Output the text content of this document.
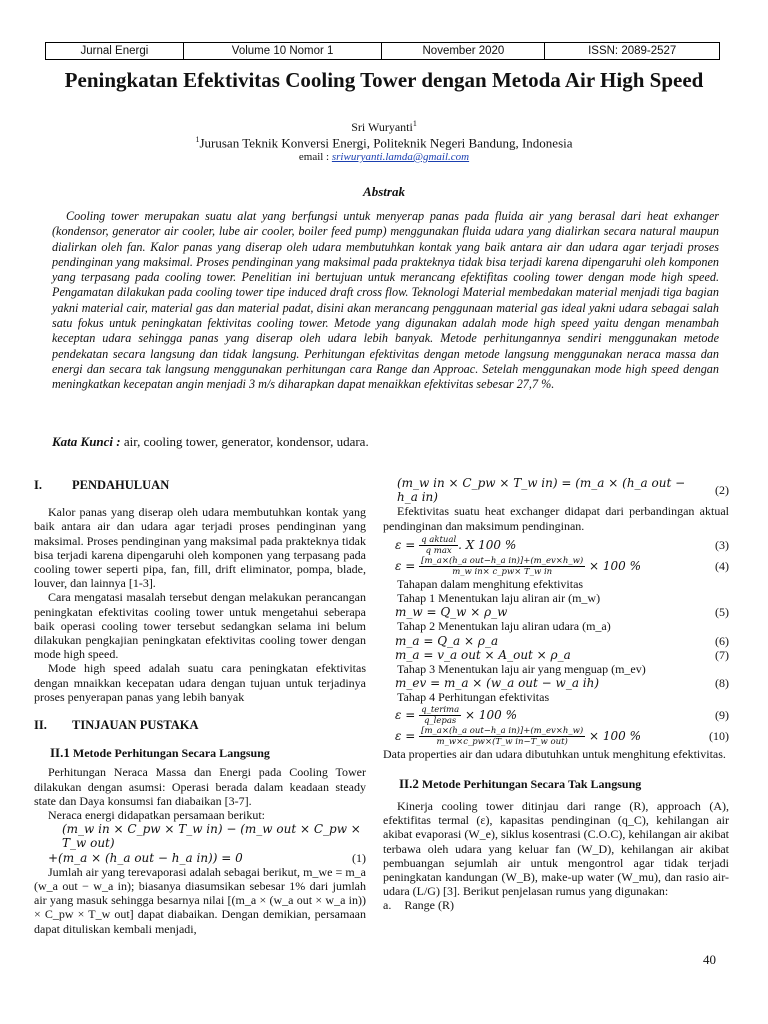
Jurnal Energi	Volume 10 Nomor 1	November 2020	ISSN: 2089-2527
Peningkatan Efektivitas Cooling Tower dengan Metoda Air High Speed
Sri Wuryanti$^1$
$^1$Jurusan Teknik Konversi Energi, Politeknik Negeri Bandung, Indonesia
email : sriwuryanti.lamda@gmail.com
Abstrak
Cooling tower merupakan suatu alat yang berfungsi untuk menyerap panas pada fluida air yang berasal dari heat exhanger (kondensor, generator air cooler, lube air cooler, boiler feed pump) menggunakan fluida udara yang dialirkan secara natural maupun dialirkan oleh fan. Kalor panas yang diserap oleh udara membutuhkan kontak yang baik antara air dan udara agar terjadi proses pendinginan yang maksimal. Proses pendinginan yang maksimal pada prakteknya tidak bisa terjadi karena dipengaruhi oleh komponen yang terpasang pada cooling tower. Penelitian ini bertujuan untuk merancang efektifitas cooling tower dengan mode high speed. Pengamatan dilakukan pada cooling tower tipe induced draft cross flow. Teknologi Material membedakan material menjadi tiga bagian yakni material cair, material gas dan material padat, disini akan merancang penggunaan material gas ideal yakni udara sebagai salah satu fokus untuk peningkatan fektivitas cooling tower. Metode yang digunakan adalah mode high speed yaitu dengan menambah keceptan udara sehingga panas yang diserap oleh udara lebih banyak. Metode perhitungannya sendiri menggunakan metode pendekatan secara langsung dan tidak langsung. Perhitungan efektivitas dengan metode langsung menggunakan neraca massa dan energi dan secara tak langsung menggunakan perhitungan cara Range dan Approac. Setelah menggunakan mode high speed dengan meningkatkan kecepatan angin menjadi 3 m/s diharapkan dapat menaikkan efektivitas sebesar 27,7 %.
Kata Kunci : air, cooling tower, generator, kondensor, udara.
I.	PENDAHULUAN

Kalor panas yang diserap oleh udara membutuhkan kontak yang baik antara air dan udara agar terjadi proses pendinginan yang maksimal. Proses pendinginan yang maksimal pada prakteknya tidak bisa terjadi karena dipengaruhi oleh komponen yang terpasang pada cooling tower seperti pipa, fan, fill, drift eliminator, pompa, blade, louver, dan lainnya [1-3].

Cara mengatasi masalah tersebut dengan melakukan perancangan peningkatan efektivitas cooling tower untuk mengetahui seberapa baik operasi cooling tower tersebut sedangkan selama ini belum dilakukan pengkajian peningkatan efektivitas cooling tower dengan mode high speed.

Mode high speed adalah suatu cara peningkatan efektivitas dengan mnaikkan kecepatan udara dengan tujuan untuk terjadinya proses penyerapan panas yang lebih banyak

II.	TINJAUAN PUSTAKA
II.1 Metode Perhitungan Secara Langsung

Perhitungan Neraca Massa dan Energi pada Cooling Tower dilakukan dengan asumsi: Operasi berada dalam keadaan steady state dan Daya konsumsi fan diabaikan [3-7].

Neraca energi didapatkan persamaan berikut:

(m_w in × C_pw × T_w in) − (m_w out × C_pw × T_w out)
+(m_a × (h_a out − h_a in)) = 0	(1)

Jumlah air yang terevaporasi adalah sebagai berikut, m_we = m_a (w_a out − w_a in); biasanya diasumsikan sebesar 1% dari jumlah air yang masuk sehingga besarnya nilai [(m_a × (w_a out × w_a in)) × C_pw × T_w out] dapat diabaikan. Dengan demikian, persamaan dapat dituliskan kembali menjadi,

(m_w in × C_pw × T_w in) = (m_a × (h_a out − h_a in)
(2)

Efektivitas suatu heat exchanger didapat dari perbandingan aktual pendinginan dan maksimum pendinginan.

$\varepsilon = \frac{\text{q aktual}}{\text{q max}}$ . X 100 %	(3)
$\varepsilon = \frac{\text{[m\_a×(h\_a out−h\_a in)]+(m\_ev×h\_w)}}{\text{m\_w in× c\_pw× T\_w in}} \times 100$ %	(4)

Tahapan dalam menghitung efektivitas

Tahap 1 Menentukan laju aliran air (m_w)

m_w = Q_w × ρ_w	(5)

Tahap 2 Menentukan laju aliran udara (m_a)

m_a = Q_a × ρ_a	(6)
m_a = v_a out × A_out × ρ_a	(7)

Tahap 3 Menentukan laju air yang menguap (m_ev)

m_ev = m_a × (w_a out − w_a ih)	(8)

Tahap 4 Perhitungan efektivitas

$\varepsilon = \frac{\text{q\_terima}}{\text{q\_lepas}} \times 100$ %	(9)
$\varepsilon = \frac{\text{[m\_a×(h\_a out−h\_a in)]+(m\_ev×h\_w)}}{\text{m\_w×c\_pw×(T\_w in−T\_w out)}} \times 100$ %	(10)

Data properties air dan udara dibutuhkan untuk menghitung efektivitas.

II.2 Metode Perhitungan Secara Tak Langsung

Kinerja cooling tower ditinjau dari range (R), approach (A), efektifitas termal (ε), kapasitas pendinginan (q_C), kehilangan air akibat evaporasi (W_e), siklus kosentrasi (C.O.C), kehilangan air akibat terbawa oleh udara yang keluar fan (W_D), kehilangan air akibat pembuangan sejumlah air untuk mengontrol agar tidak terjadi peningkatan kandungan (W_B), make-up water (W_mu), dan rasio air-udara (L/G) [3]. Berikut penjelasan rumus yang digunakan:

a. Range (R)
40
